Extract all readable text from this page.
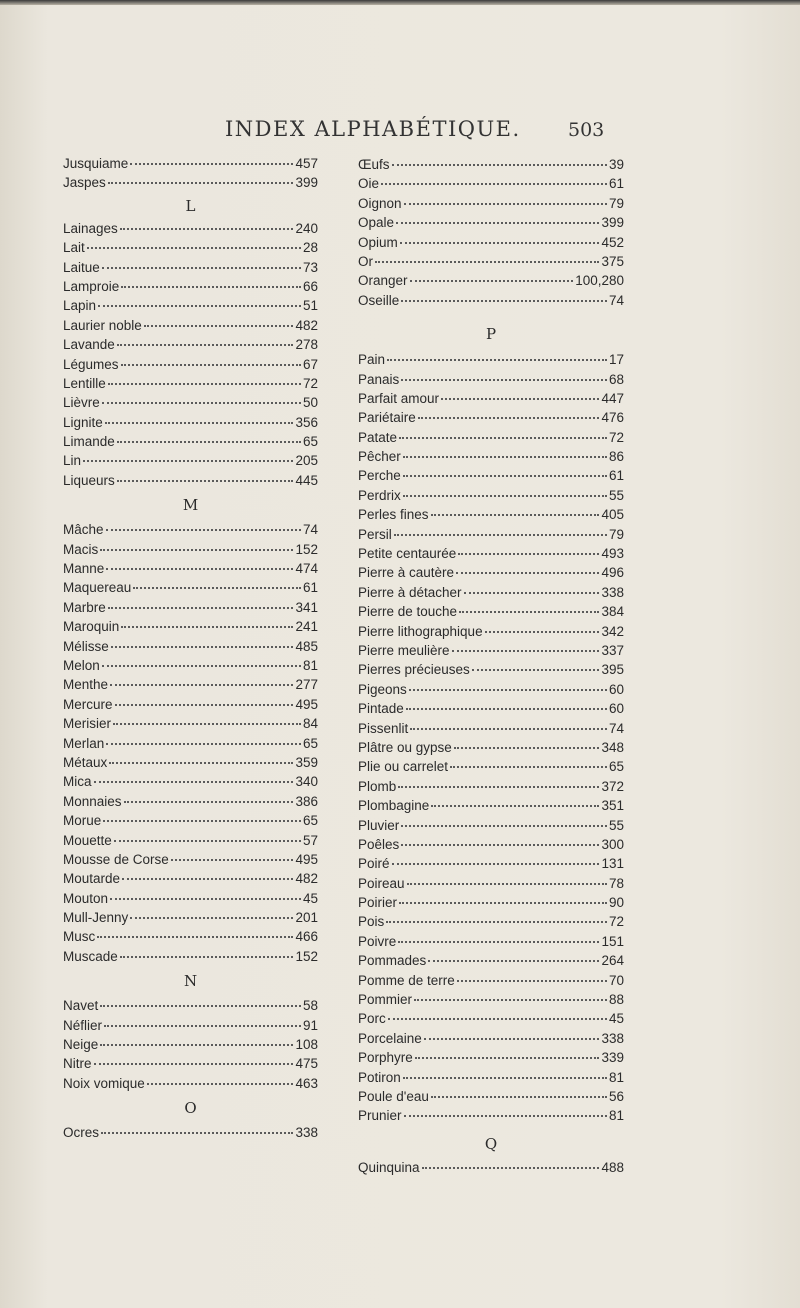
INDEX ALPHABÉTIQUE. 503
Jusquiame	457
Jaspes	399
L
Lainages	240
Lait	28
Laitue	73
Lamproie	66
Lapin	51
Laurier noble	482
Lavande	278
Légumes	67
Lentille	72
Lièvre	50
Lignite	356
Limande	65
Lin	205
Liqueurs	445
M
Mâche	74
Macis	152
Manne	474
Maquereau	61
Marbre	341
Maroquin	241
Mélisse	485
Melon	81
Menthe	277
Mercure	495
Merisier	84
Merlan	65
Métaux	359
Mica	340
Monnaies	386
Morue	65
Mouette	57
Mousse de Corse	495
Moutarde	482
Mouton	45
Mull-Jenny	201
Musc	466
Muscade	152
N
Navet	58
Néflier	91
Neige	108
Nitre	475
Noix vomique	463
O
Ocres	338
Œufs	39
Oie	61
Oignon	79
Opale	399
Opium	452
Or	375
Oranger	100,280
Oseille	74
P
Pain	17
Panais	68
Parfait amour	447
Pariétaire	476
Patate	72
Pêcher	86
Perche	61
Perdrix	55
Perles fines	405
Persil	79
Petite centaurée	493
Pierre à cautère	496
Pierre à détacher	338
Pierre de touche	384
Pierre lithographique	342
Pierre meulière	337
Pierres précieuses	395
Pigeons	60
Pintade	60
Pissenlit	74
Plâtre ou gypse	348
Plie ou carrelet	65
Plomb	372
Plombagine	351
Pluvier	55
Poêles	300
Poiré	131
Poireau	78
Poirier	90
Pois	72
Poivre	151
Pommades	264
Pomme de terre	70
Pommier	88
Porc	45
Porcelaine	338
Porphyre	339
Potiron	81
Poule d'eau	56
Prunier	81
Q
Quinquina	488
